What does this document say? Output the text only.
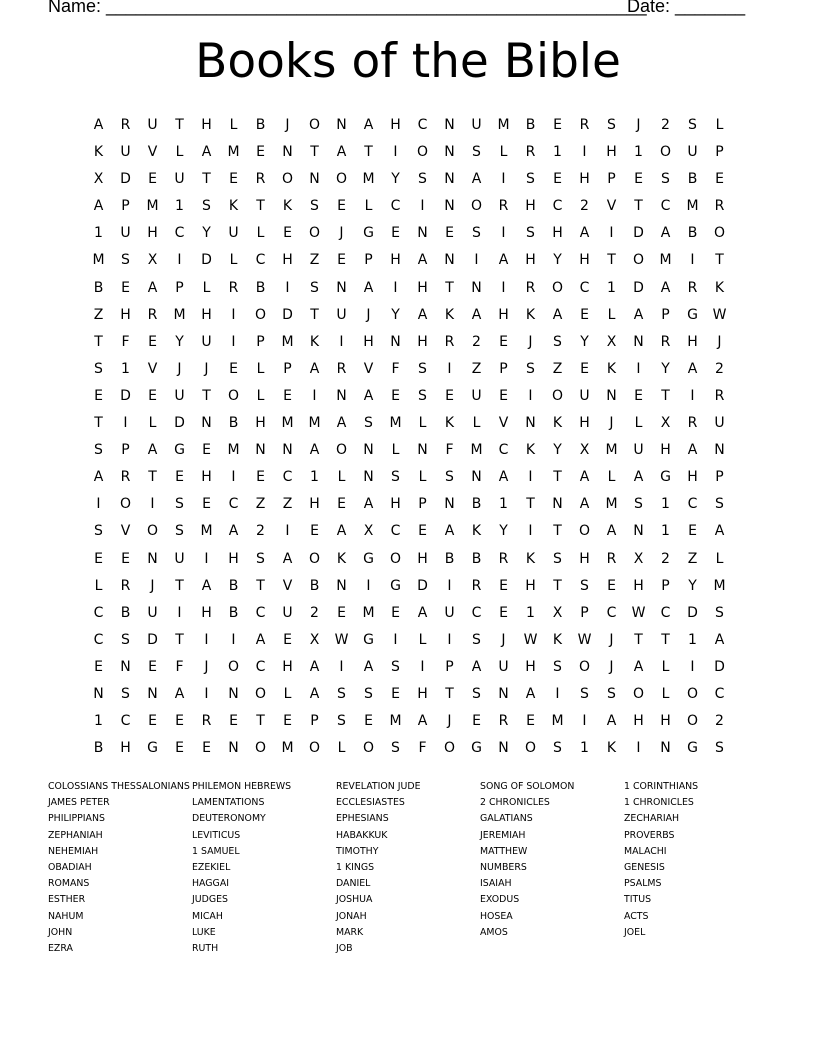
Name: ______________________________________________________
Date: _______
Books of the Bible
A	R	U	T	H	L	B	J	O	N	A	H	C	N	U	M	B	E	R	S	J	2	S	L
K	U	V	L	A	M	E	N	T	A	T	I	O	N	S	L	R	1	I	H	1	O	U	P
X	D	E	U	T	E	R	O	N	O	M	Y	S	N	A	I	S	E	H	P	E	S	B	E
A	P	M	1	S	K	T	K	S	E	L	C	I	N	O	R	H	C	2	V	T	C	M	R
1	U	H	C	Y	U	L	E	O	J	G	E	N	E	S	I	S	H	A	I	D	A	B	O
M	S	X	I	D	L	C	H	Z	E	P	H	A	N	I	A	H	Y	H	T	O	M	I	T
B	E	A	P	L	R	B	I	S	N	A	I	H	T	N	I	R	O	C	1	D	A	R	K
Z	H	R	M	H	I	O	D	T	U	J	Y	A	K	A	H	K	A	E	L	A	P	G	W
T	F	E	Y	U	I	P	M	K	I	H	N	H	R	2	E	J	S	Y	X	N	R	H	J
S	1	V	J	J	E	L	P	A	R	V	F	S	I	Z	P	S	Z	E	K	I	Y	A	2
E	D	E	U	T	O	L	E	I	N	A	E	S	E	U	E	I	O	U	N	E	T	I	R
T	I	L	D	N	B	H	M	M	A	S	M	L	K	L	V	N	K	H	J	L	X	R	U
S	P	A	G	E	M	N	N	A	O	N	L	N	F	M	C	K	Y	X	M	U	H	A	N
A	R	T	E	H	I	E	C	1	L	N	S	L	S	N	A	I	T	A	L	A	G	H	P
I	O	I	S	E	C	Z	Z	H	E	A	H	P	N	B	1	T	N	A	M	S	1	C	S
S	V	O	S	M	A	2	I	E	A	X	C	E	A	K	Y	I	T	O	A	N	1	E	A
E	E	N	U	I	H	S	A	O	K	G	O	H	B	B	R	K	S	H	R	X	2	Z	L
L	R	J	T	A	B	T	V	B	N	I	G	D	I	R	E	H	T	S	E	H	P	Y	M
C	B	U	I	H	B	C	U	2	E	M	E	A	U	C	E	1	X	P	C	W	C	D	S
C	S	D	T	I	I	A	E	X	W	G	I	L	I	S	J	W	K	W	J	T	T	1	A
E	N	E	F	J	O	C	H	A	I	A	S	I	P	A	U	H	S	O	J	A	L	I	D
N	S	N	A	I	N	O	L	A	S	S	E	H	T	S	N	A	I	S	S	O	L	O	C
1	C	E	E	R	E	T	E	P	S	E	M	A	J	E	R	E	M	I	A	H	H	O	2
B	H	G	E	E	N	O	M	O	L	O	S	F	O	G	N	O	S	1	K	I	N	G	S
COLOSSIANS THESSALONIANS
JAMES PETER
PHILIPPIANS
ZEPHANIAH
NEHEMIAH
OBADIAH
ROMANS
ESTHER
NAHUM
JOHN
EZRA
PHILEMON HEBREWS
LAMENTATIONS
DEUTERONOMY
LEVITICUS
1 SAMUEL
EZEKIEL
HAGGAI
JUDGES
MICAH
LUKE
RUTH
REVELATION JUDE
ECCLESIASTES
EPHESIANS
HABAKKUK
TIMOTHY
1 KINGS
DANIEL
JOSHUA
JONAH
MARK
JOB
SONG OF SOLOMON
2 CHRONICLES
GALATIANS
JEREMIAH
MATTHEW
NUMBERS
ISAIAH
EXODUS
HOSEA
AMOS
1 CORINTHIANS
1 CHRONICLES
ZECHARIAH
PROVERBS
MALACHI
GENESIS
PSALMS
TITUS
ACTS
JOEL
